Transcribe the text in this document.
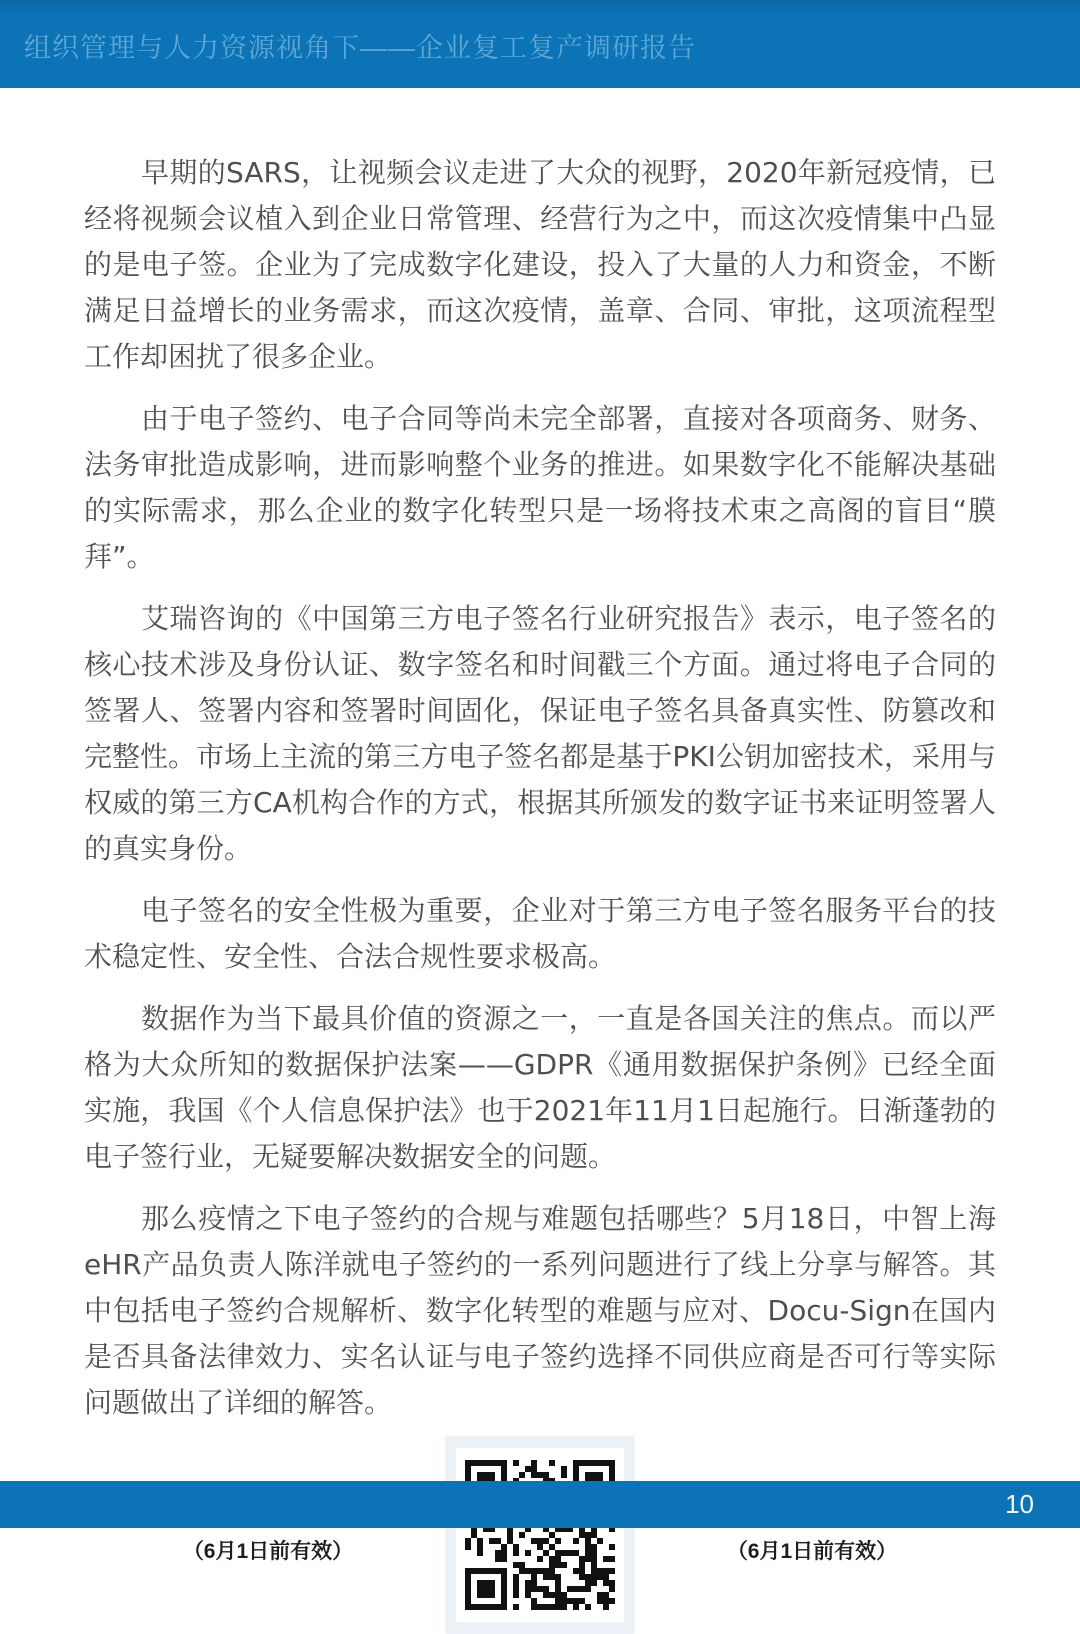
组织管理与人力资源视角下——企业复工复产调研报告

早期的SARS，让视频会议走进了大众的视野，2020年新冠疫情，已经将视频会议植入到企业日常管理、经营行为之中，而这次疫情集中凸显的是电子签。企业为了完成数字化建设，投入了大量的人力和资金，不断满足日益增长的业务需求，而这次疫情，盖章、合同、审批，这项流程型工作却困扰了很多企业。

由于电子签约、电子合同等尚未完全部署，直接对各项商务、财务、法务审批造成影响，进而影响整个业务的推进。如果数字化不能解决基础的实际需求，那么企业的数字化转型只是一场将技术束之高阁的盲目“膜拜”。

艾瑞咨询的《中国第三方电子签名行业研究报告》表示，电子签名的核心技术涉及身份认证、数字签名和时间戳三个方面。通过将电子合同的签署人、签署内容和签署时间固化，保证电子签名具备真实性、防篡改和完整性。市场上主流的第三方电子签名都是基于PKI公钥加密技术，采用与权威的第三方CA机构合作的方式，根据其所颁发的数字证书来证明签署人的真实身份。

电子签名的安全性极为重要，企业对于第三方电子签名服务平台的技术稳定性、安全性、合法合规性要求极高。

数据作为当下最具价值的资源之一，一直是各国关注的焦点。而以严格为大众所知的数据保护法案——GDPR《通用数据保护条例》已经全面实施，我国《个人信息保护法》也于2021年11月1日起施行。日渐蓬勃的电子签行业，无疑要解决数据安全的问题。

那么疫情之下电子签约的合规与难题包括哪些？5月18日，中智上海eHR产品负责人陈洋就电子签约的一系列问题进行了线上分享与解答。其中包括电子签约合规解析、数字化转型的难题与应对、Docu-Sign在国内是否具备法律效力、实名认证与电子签约选择不同供应商是否可行等实际问题做出了详细的解答。

（6月1日前有效）	（6月1日前有效）
10
